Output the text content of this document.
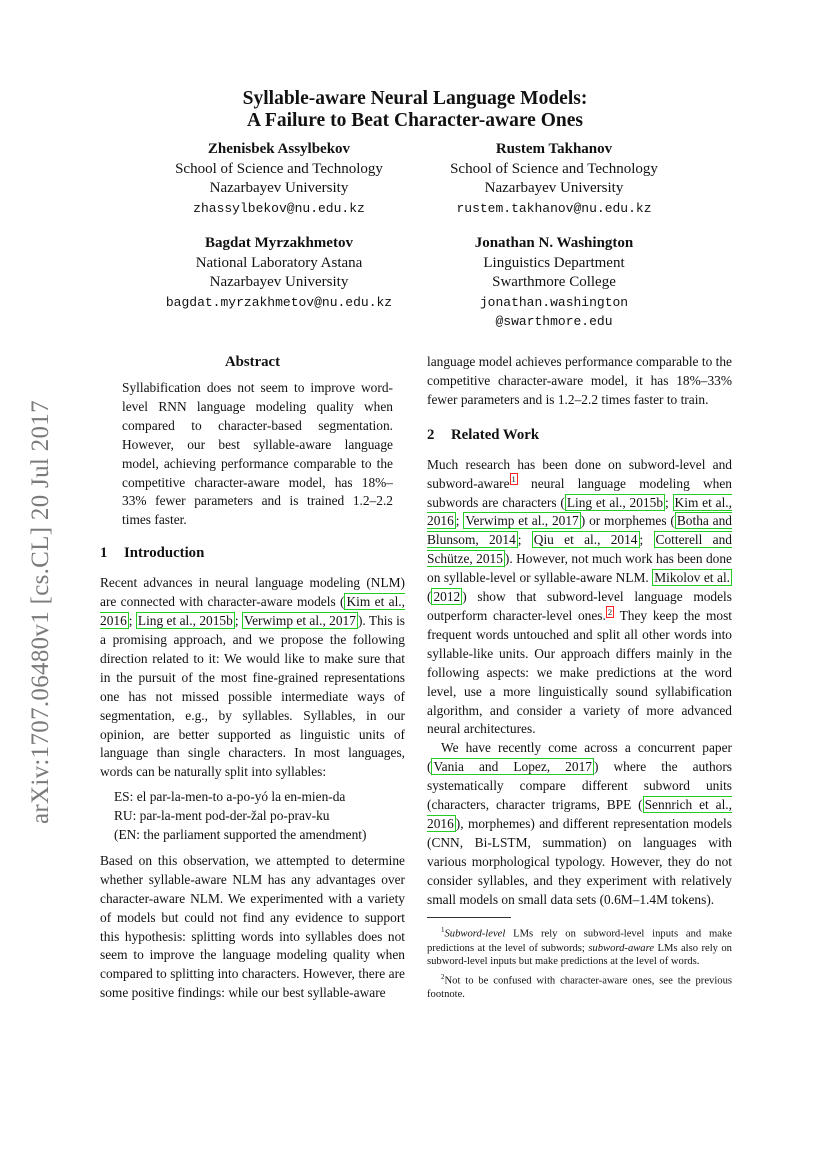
arXiv:1707.06480v1 [cs.CL] 20 Jul 2017
Syllable-aware Neural Language Models:
A Failure to Beat Character-aware Ones
Zhenisbek Assylbekov
School of Science and Technology
Nazarbayev University
zhassylbekov@nu.edu.kz
Rustem Takhanov
School of Science and Technology
Nazarbayev University
rustem.takhanov@nu.edu.kz
Bagdat Myrzakhmetov
National Laboratory Astana
Nazarbayev University
bagdat.myrzakhmetov@nu.edu.kz
Jonathan N. Washington
Linguistics Department
Swarthmore College
jonathan.washington
@swarthmore.edu
Abstract

Syllabification does not seem to improve word-level RNN language modeling quality when compared to character-based segmentation. However, our best syllable-aware language model, achieving performance comparable to the competitive character-aware model, has 18%–33% fewer parameters and is trained 1.2–2.2 times faster.

1 Introduction

Recent advances in neural language modeling (NLM) are connected with character-aware models ( Kim et al., 2016 ; Ling et al., 2015b ; Verwimp et al., 2017 ). This is a promising approach, and we propose the following direction related to it: We would like to make sure that in the pursuit of the most fine-grained representations one has not missed possible intermediate ways of segmentation, e.g., by syllables. Syllables, in our opinion, are better supported as linguistic units of language than single characters. In most languages, words can be naturally split into syllables:

ES: el par-la-men-to a-po-yó la en-mien-da
RU: par-la-ment pod-der-žal po-prav-ku
(EN: the parliament supported the amendment)

Based on this observation, we attempted to determine whether syllable-aware NLM has any advantages over character-aware NLM. We experimented with a variety of models but could not find any evidence to support this hypothesis: splitting words into syllables does not seem to improve the language modeling quality when compared to splitting into characters. However, there are some positive findings: while our best syllable-aware

language model achieves performance comparable to the competitive character-aware model, it has 18%–33% fewer parameters and is 1.2–2.2 times faster to train.

2 Related Work

Much research has been done on subword-level and subword-aware $^1$ neural language modeling when subwords are characters ( Ling et al., 2015b ; Kim et al., 2016 ; Verwimp et al., 2017 ) or morphemes ( Botha and Blunsom, 2014 ; Qiu et al., 2014 ; Cotterell and Schütze, 2015 ). However, not much work has been done on syllable-level or syllable-aware NLM. Mikolov et al. ( 2012 ) show that subword-level language models outperform character-level ones. $^2$ They keep the most frequent words untouched and split all other words into syllable-like units. Our approach differs mainly in the following aspects: we make predictions at the word level, use a more linguistically sound syllabification algorithm, and consider a variety of more advanced neural architectures.

We have recently come across a concurrent paper ( Vania and Lopez, 2017 ) where the authors systematically compare different subword units (characters, character trigrams, BPE ( Sennrich et al., 2016 ), morphemes) and different representation models (CNN, Bi-LSTM, summation) on languages with various morphological typology. However, they do not consider syllables, and they experiment with relatively small models on small data sets (0.6M–1.4M tokens).

$^1$Subword-level LMs rely on subword-level inputs and make predictions at the level of subwords; subword-aware LMs also rely on subword-level inputs but make predictions at the level of words.

$^2$Not to be confused with character-aware ones, see the previous footnote.
